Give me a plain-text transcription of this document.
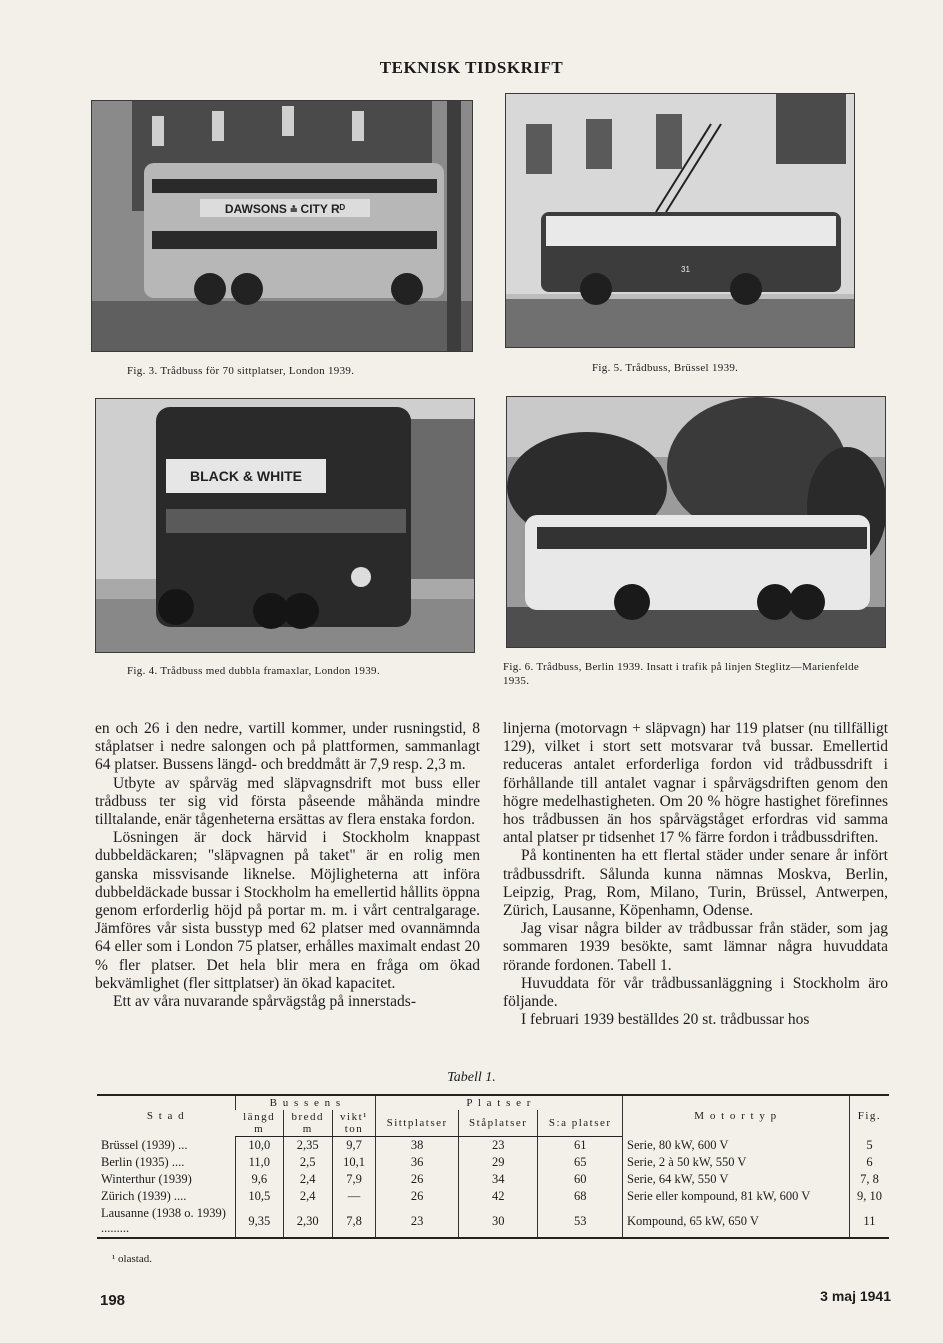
TEKNISK TIDSKRIFT
DAWSONS ⩮ CITY Rᴰ
Fig. 3. Trådbuss för 70 sittplatser, London 1939.
31
Fig. 5. Trådbuss, Brüssel 1939.
BLACK & WHITE
Fig. 4. Trådbuss med dubbla framaxlar, London 1939.	Fig. 6. Trådbuss, Berlin 1939. Insatt i trafik på linjen Steglitz—Marienfelde 1935.

en och 26 i den nedre, vartill kommer, under rusningstid, 8 ståplatser i nedre salongen och på plattformen, sammanlagt 64 platser. Bussens längd- och breddmått är 7,9 resp. 2,3 m.

Utbyte av spårväg med släpvagnsdrift mot buss eller trådbuss ter sig vid första påseende måhända mindre tilltalande, enär tågenheterna ersättas av flera enstaka fordon.

Lösningen är dock härvid i Stockholm knappast dubbeldäckaren; "släpvagnen på taket" är en rolig men ganska missvisande liknelse. Möjligheterna att införa dubbeldäckade bussar i Stockholm ha emellertid hållits öppna genom erforderlig höjd på portar m. m. i vårt centralgarage. Jämföres vår sista busstyp med 62 platser med ovannämnda 64 eller som i London 75 platser, erhålles maximalt endast 20 % fler platser. Det hela blir mera en fråga om ökad bekvämlighet (fler sittplatser) än ökad kapacitet.

Ett av våra nuvarande spårvägståg på innerstads-

linjerna (motorvagn + släpvagn) har 119 platser (nu tillfälligt 129), vilket i stort sett motsvarar två bussar. Emellertid reduceras antalet erforderliga fordon vid trådbussdrift i förhållande till antalet vagnar i spårvägsdriften genom den högre medelhastigheten. Om 20 % högre hastighet förefinnes hos trådbussen än hos spårvägståget erfordras vid samma antal platser pr tidsenhet 17 % färre fordon i trådbussdriften.

På kontinenten ha ett flertal städer under senare år infört trådbussdrift. Sålunda kunna nämnas Moskva, Berlin, Leipzig, Prag, Rom, Milano, Turin, Brüssel, Antwerpen, Zürich, Lausanne, Köpenhamn, Odense.

Jag visar några bilder av trådbussar från städer, som jag sommaren 1939 besökte, samt lämnar några huvuddata rörande fordonen. Tabell 1.

Huvuddata för vår trådbussanläggning i Stockholm äro följande.

I februari 1939 beställdes 20 st. trådbussar hos

Tabell 1.
S t a d	B u s s e n s			P l a t s e r			M o t o r t y p	Fig.
	längd
m	bredd
m	vikt¹
ton	Sittplatser	Ståplatser	S:a platser		
Brüssel (1939) ...	10,0	2,35	9,7	38	23	61	Serie, 80 kW, 600 V	5
Berlin (1935) ....	11,0	2,5	10,1	36	29	65	Serie, 2 à 50 kW, 550 V	6
Winterthur (1939)	9,6	2,4	7,9	26	34	60	Serie, 64 kW, 550 V	7, 8
Zürich (1939) ....	10,5	2,4	—	26	42	68	Serie eller kompound, 81 kW, 600 V	9, 10
Lausanne (1938 o. 1939) .........	9,35	2,30	7,8	23	30	53	Kompound, 65 kW, 650 V	11
¹ olastad.
198	3 maj 1941
